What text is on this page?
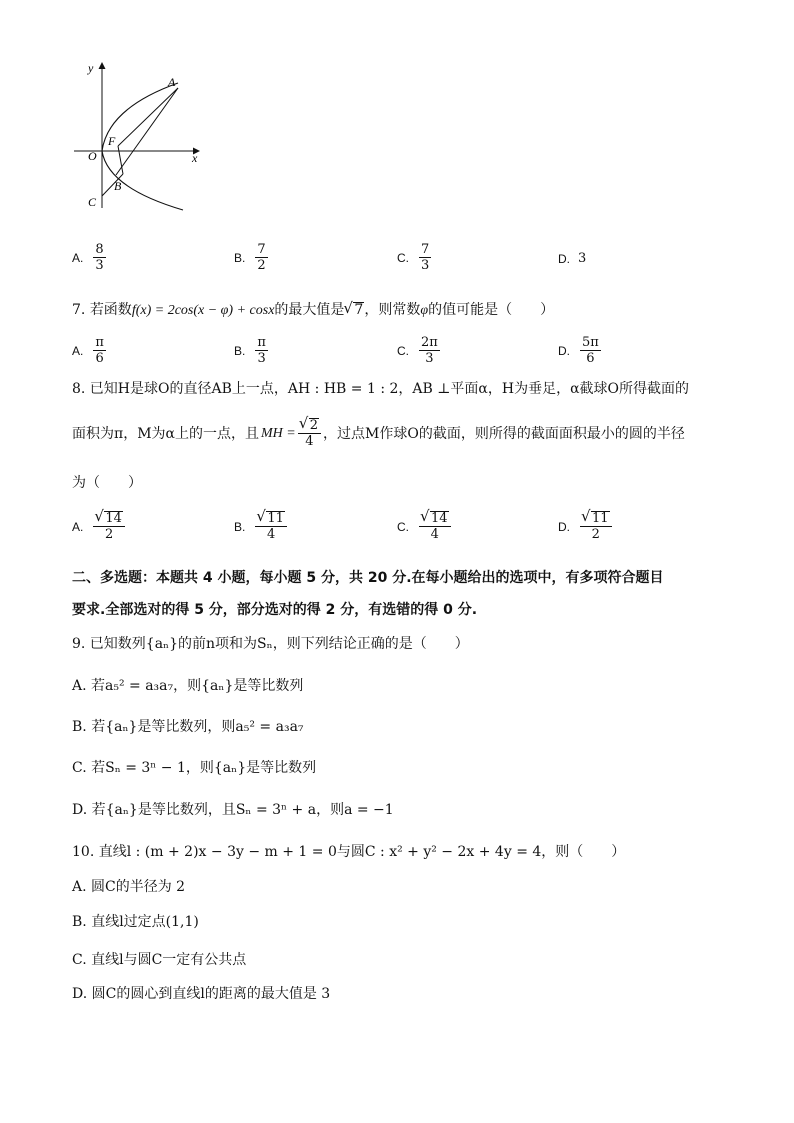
y
A
F
O	x
B
C
A. $\frac{8}{3}$	B. $\frac{7}{2}$	C. $\frac{7}{3}$	D. 3
7. 若函数f(x) = 2cos(x − φ) + cosx的最大值是 √ 7，则常数φ的值可能是（　　）
A. $\frac{\pi}{6}$	B. $\frac{\pi}{3}$	C. $\frac{2\pi}{3}$	D. $\frac{5\pi}{6}$
8. 已知H是球O的直径AB上一点，AH : HB = 1 : 2，AB ⊥平面α，H为垂足，α截球O所得截面的
面积为π，M为α上的一点，且 MH = √ $\frac{2}{4}$ ，过点M作球O的截面，则所得的截面面积最小的圆的半径
为（　　）
A. √ $\frac{14}{2}$	B. √ $\frac{11}{4}$	C. √ $\frac{14}{4}$	D. √ $\frac{11}{2}$
二、多选题：本题共 4 小题，每小题 5 分，共 20 分.在每小题给出的选项中，有多项符合题目
要求.全部选对的得 5 分，部分选对的得 2 分，有选错的得 0 分.
9. 已知数列{aₙ}的前n项和为Sₙ，则下列结论正确的是（　　）
A. 若a₅² = a₃a₇，则{aₙ}是等比数列
B. 若{aₙ}是等比数列，则a₅² = a₃a₇
C. 若Sₙ = 3ⁿ − 1，则{aₙ}是等比数列
D. 若{aₙ}是等比数列，且Sₙ = 3ⁿ + a，则a = −1
10. 直线l : (m + 2)x − 3y − m + 1 = 0与圆C : x² + y² − 2x + 4y = 4，则（　　）
A. 圆C的半径为 2
B. 直线l过定点(1,1)
C. 直线l与圆C一定有公共点
D. 圆C的圆心到直线l的距离的最大值是 3
